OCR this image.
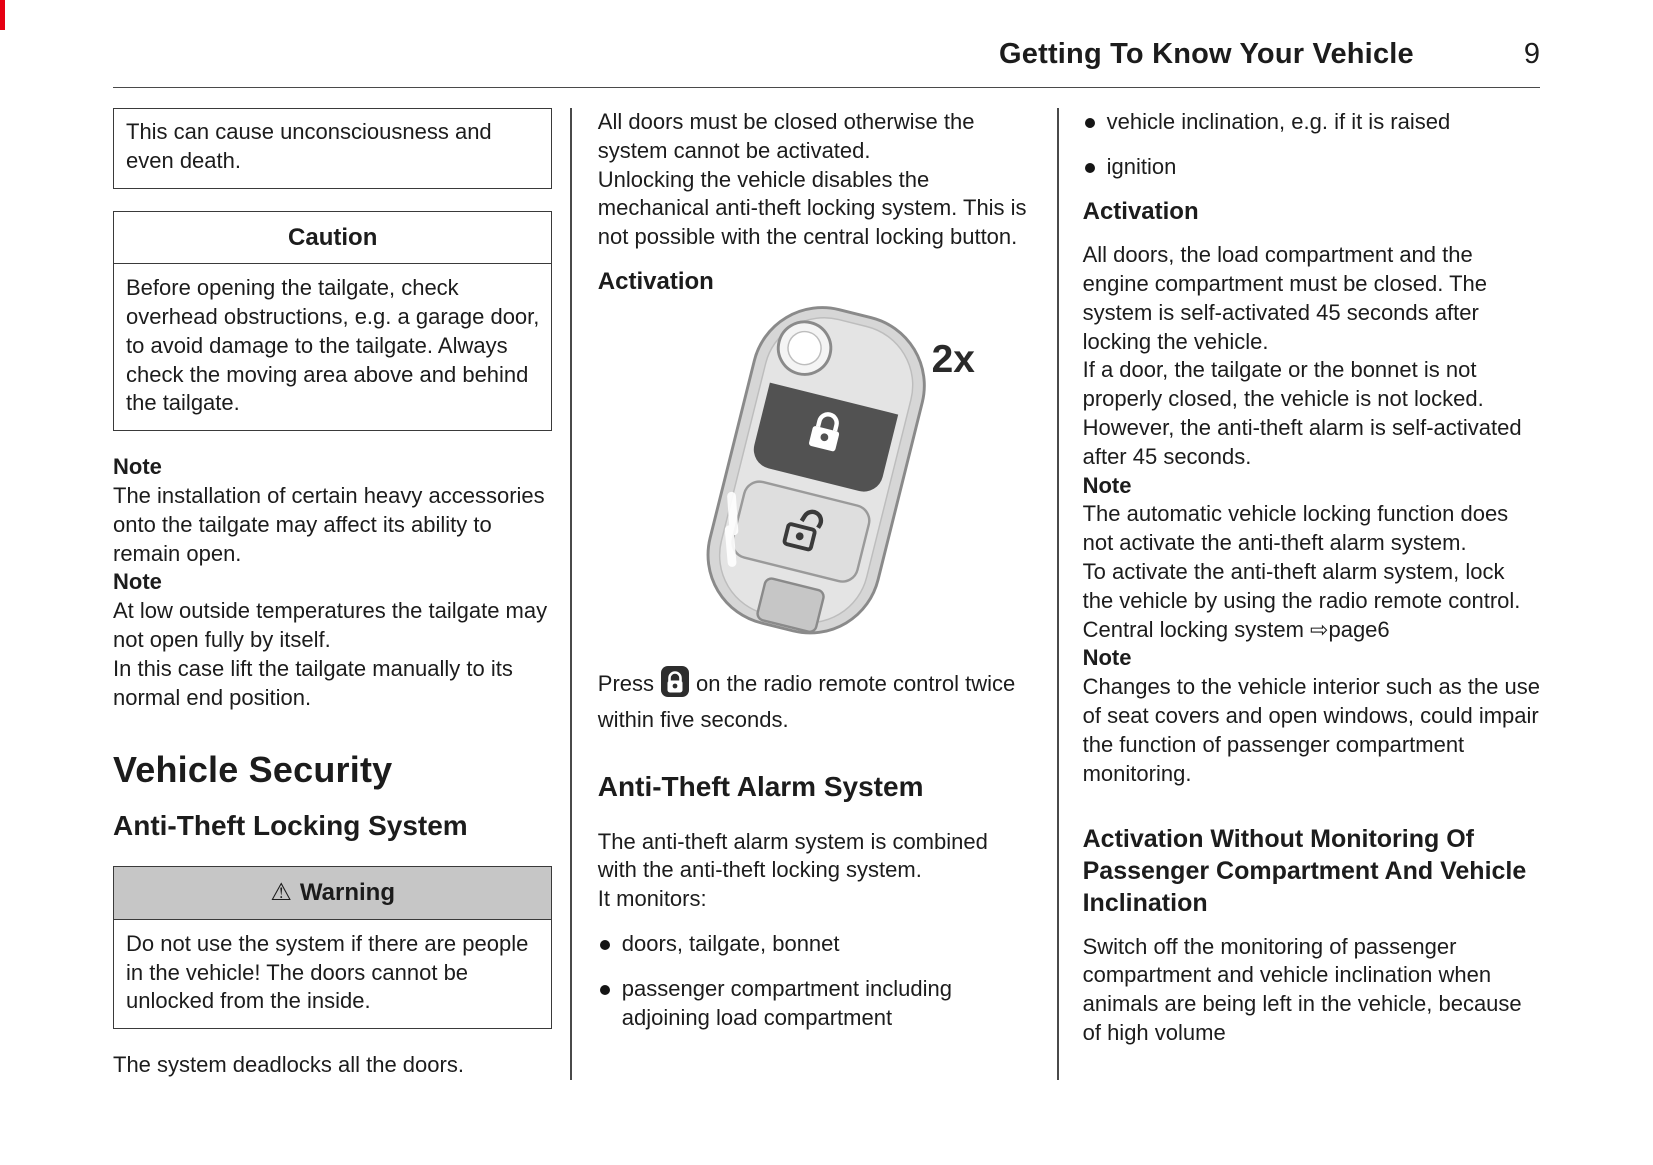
Getting To Know Your Vehicle	9

This can cause unconsciousness and even death.

Caution
Before opening the tailgate, check overhead obstructions, e.g. a garage door, to avoid damage to the tailgate. Always check the moving area above and behind the tailgate.

Note

The installation of certain heavy accessories onto the tailgate may affect its ability to remain open.

Note

At low outside temperatures the tailgate may not open fully by itself.

In this case lift the tailgate manually to its normal end position.

Vehicle Security
Anti-Theft Locking System
⚠ Warning
Do not use the system if there are people in the vehicle! The doors cannot be unlocked from the inside.

The system deadlocks all the doors.

All doors must be closed otherwise the system cannot be activated.

Unlocking the vehicle disables the mechanical anti-theft locking system. This is not possible with the central locking button.

Activation
2x

Press on the radio remote control twice within five seconds.

Anti-Theft Alarm System

The anti-theft alarm system is combined with the anti-theft locking system.

It monitors:

doors, tailgate, bonnet
passenger compartment including adjoining load compartment
vehicle inclination, e.g. if it is raised
ignition
Activation

All doors, the load compartment and the engine compartment must be closed. The system is self-activated 45 seconds after locking the vehicle.

If a door, the tailgate or the bonnet is not properly closed, the vehicle is not locked. However, the anti-theft alarm is self-activated after 45 seconds.

Note

The automatic vehicle locking function does not activate the anti-theft alarm system.

To activate the anti-theft alarm system, lock the vehicle by using the radio remote control.

Central locking system ⇨page6

Note

Changes to the vehicle interior such as the use of seat covers and open windows, could impair the function of passenger compartment monitoring.

Activation Without Monitoring Of Passenger Compartment And Vehicle Inclination

Switch off the monitoring of passenger compartment and vehicle inclination when animals are being left in the vehicle, because of high volume
